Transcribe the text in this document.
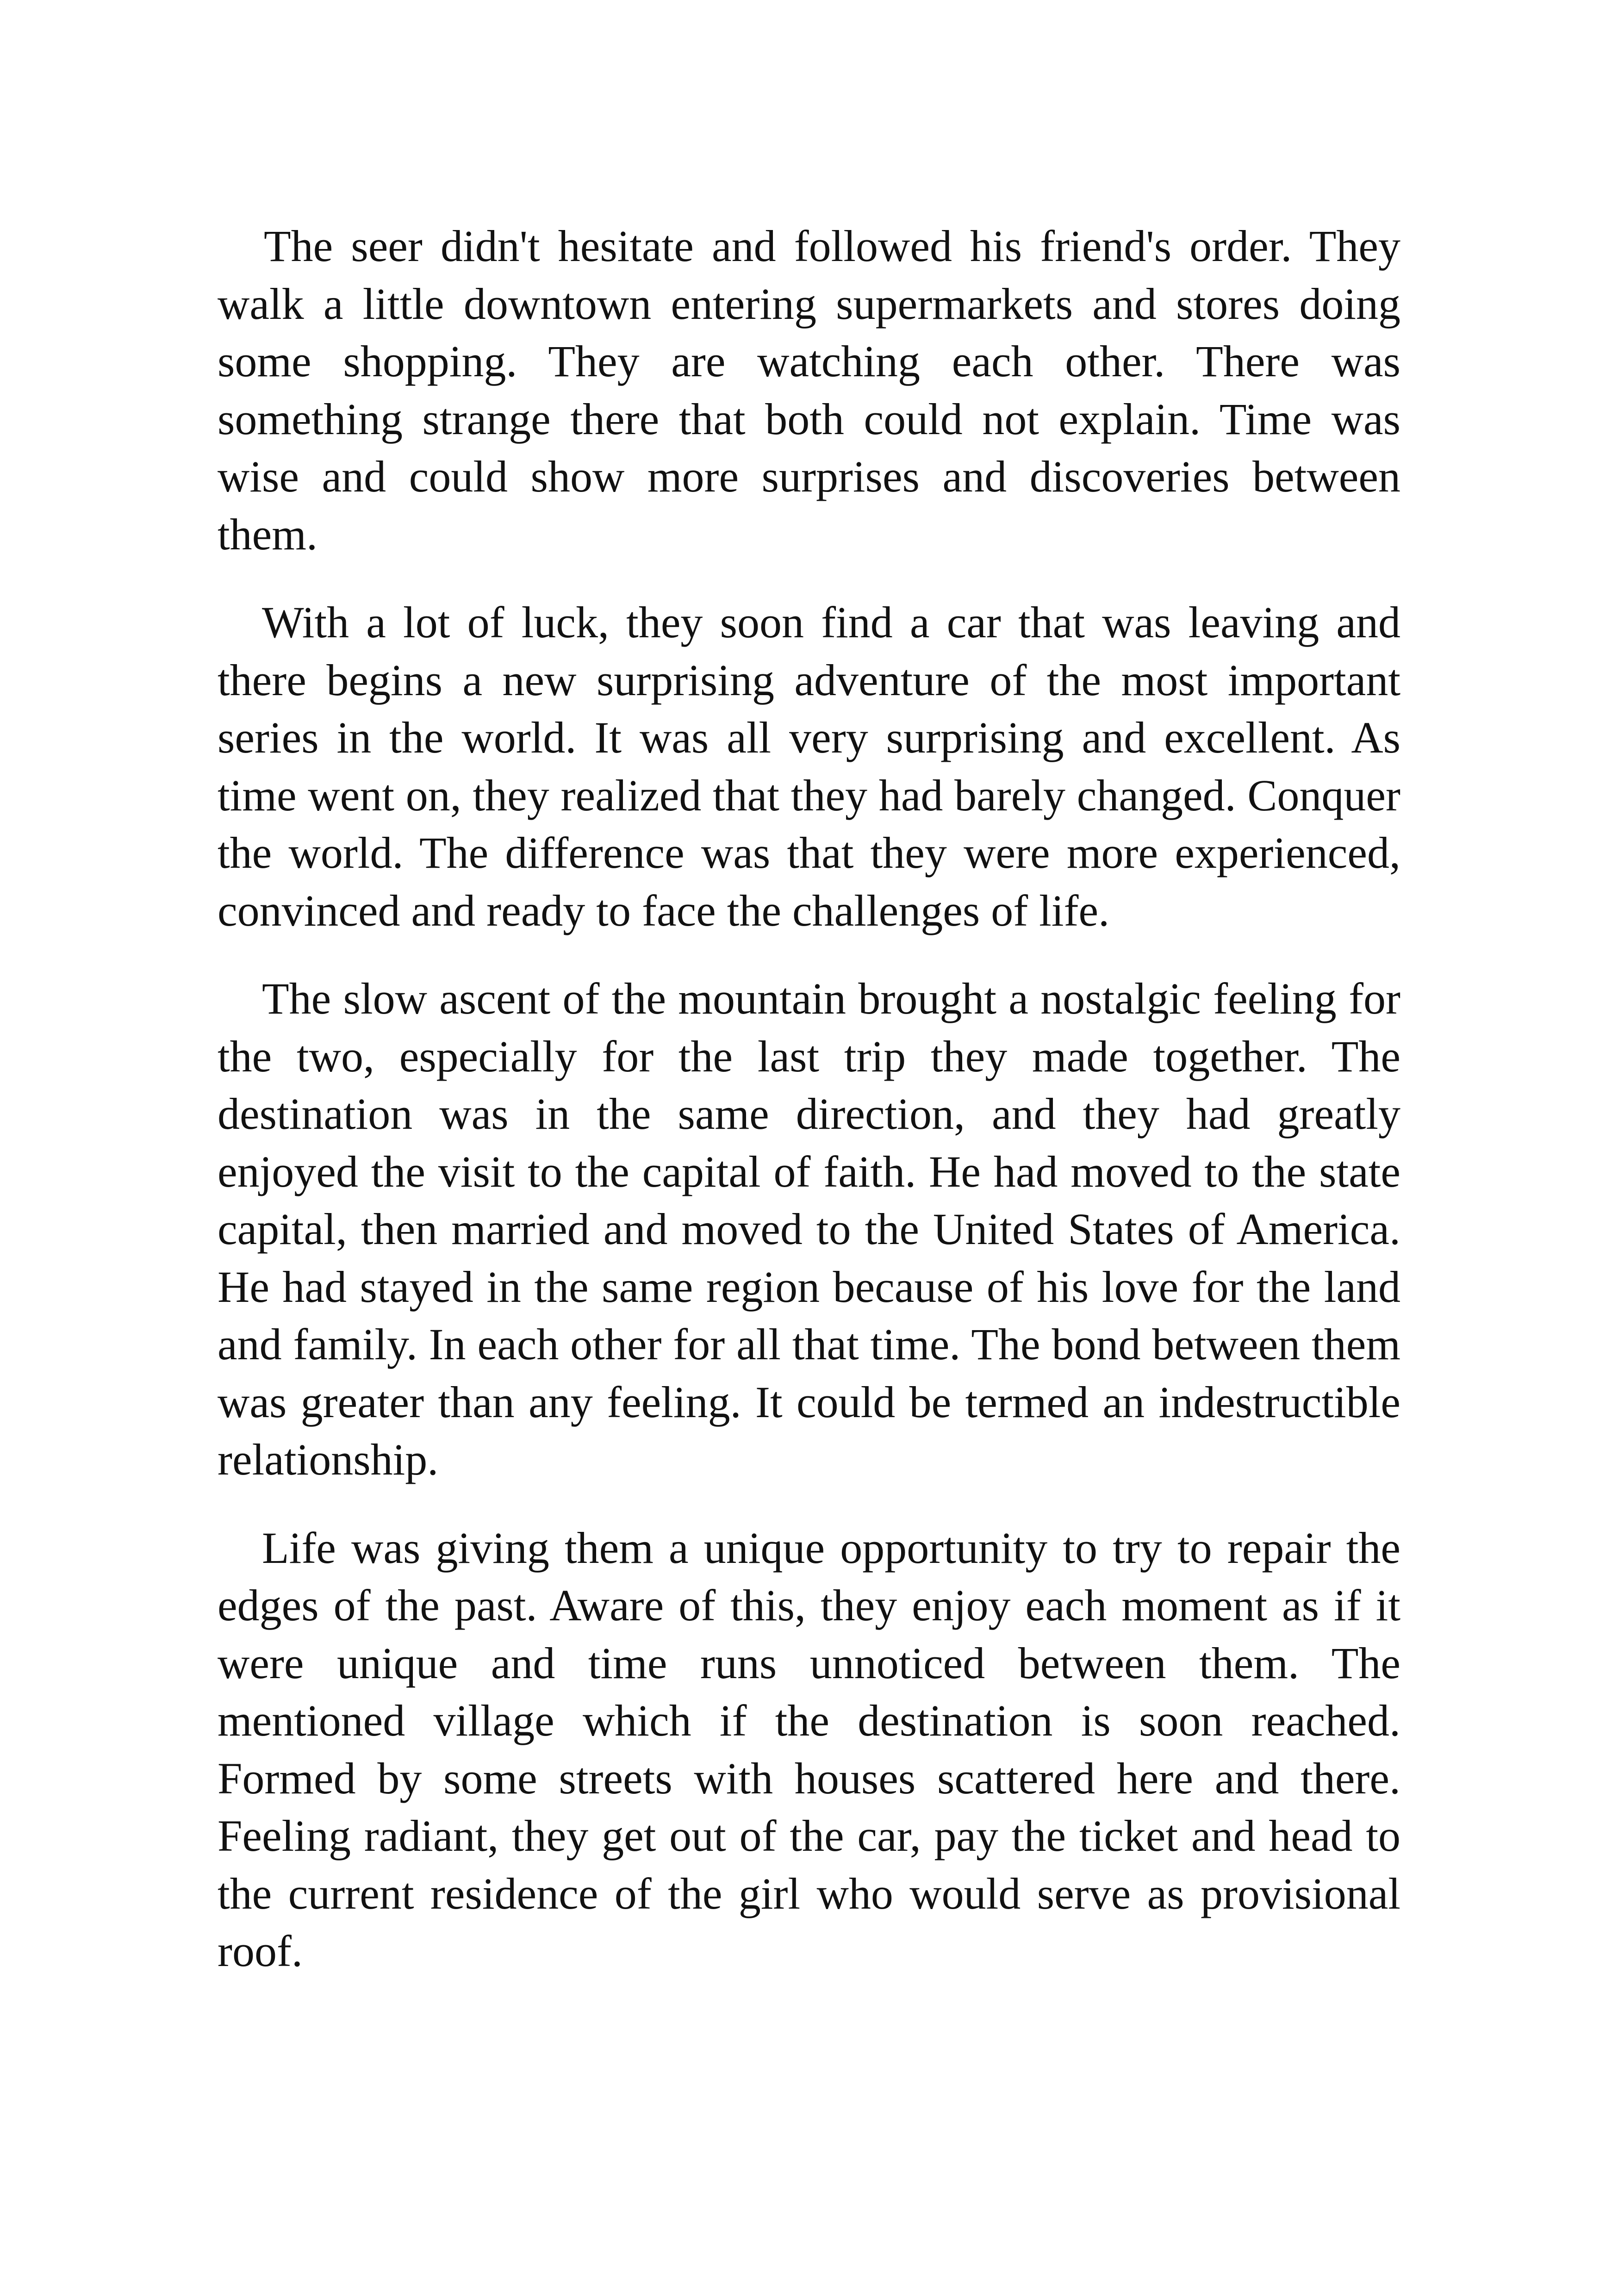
The seer didn't hesitate and followed his friend's order. They walk a little downtown entering supermarkets and stores doing some shopping. They are watching each other. There was something strange there that both could not explain. Time was wise and could show more surprises and discoveries between them.

With a lot of luck, they soon find a car that was leaving and there begins a new surprising adventure of the most important series in the world. It was all very surprising and excellent. As time went on, they realized that they had barely changed. Conquer the world. The difference was that they were more experienced, convinced and ready to face the challenges of life.

The slow ascent of the mountain brought a nostalgic feeling for the two, especially for the last trip they made together. The destination was in the same direction, and they had greatly enjoyed the visit to the capital of faith. He had moved to the state capital, then married and moved to the United States of America. He had stayed in the same region because of his love for the land and family. In each other for all that time. The bond between them was greater than any feeling. It could be termed an indestructible relationship.

Life was giving them a unique opportunity to try to repair the edges of the past. Aware of this, they enjoy each moment as if it were unique and time runs unnoticed between them. The mentioned village which if the destination is soon reached. Formed by some streets with houses scattered here and there. Feeling radiant, they get out of the car, pay the ticket and head to the current residence of the girl who would serve as provisional roof.
